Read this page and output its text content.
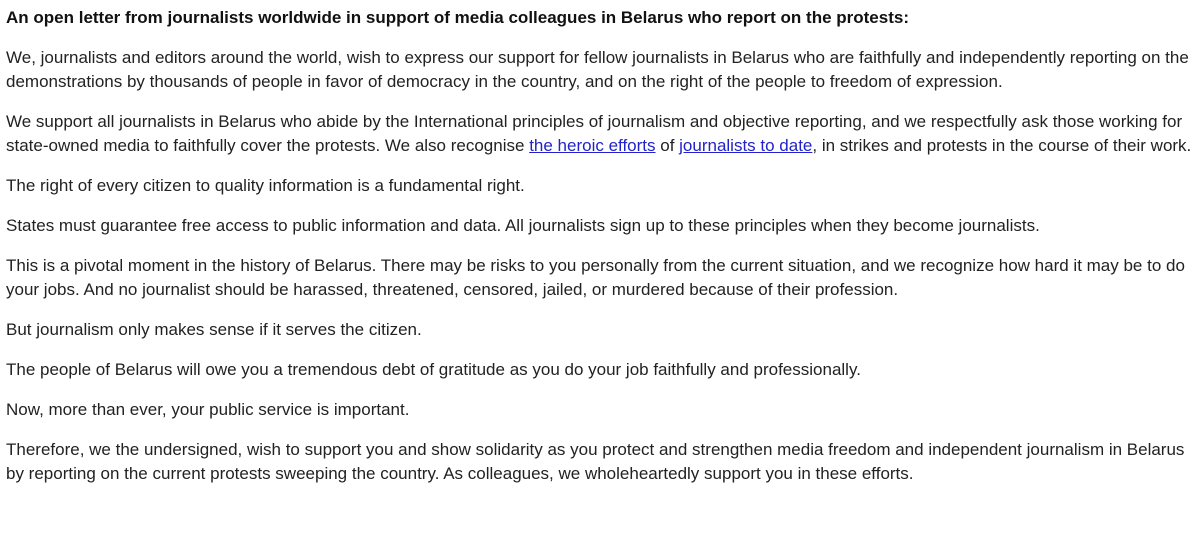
An open letter from journalists worldwide in support of media colleagues in Belarus who report on the protests:

We, journalists and editors around the world, wish to express our support for fellow journalists in Belarus who are faithfully and independently reporting on the demonstrations by thousands of people in favor of democracy in the country, and on the right of the people to freedom of expression.

We support all journalists in Belarus who abide by the International principles of journalism and objective reporting, and we respectfully ask those working for state-owned media to faithfully cover the protests. We also recognise the heroic efforts of journalists to date, in strikes and protests in the course of their work.

The right of every citizen to quality information is a fundamental right.

States must guarantee free access to public information and data. All journalists sign up to these principles when they become journalists.

This is a pivotal moment in the history of Belarus. There may be risks to you personally from the current situation, and we recognize how hard it may be to do your jobs. And no journalist should be harassed, threatened, censored, jailed, or murdered because of their profession.

But journalism only makes sense if it serves the citizen.

The people of Belarus will owe you a tremendous debt of gratitude as you do your job faithfully and professionally.

Now, more than ever, your public service is important.

Therefore, we the undersigned, wish to support you and show solidarity as you protect and strengthen media freedom and independent journalism in Belarus by reporting on the current protests sweeping the country. As colleagues, we wholeheartedly support you in these efforts.
